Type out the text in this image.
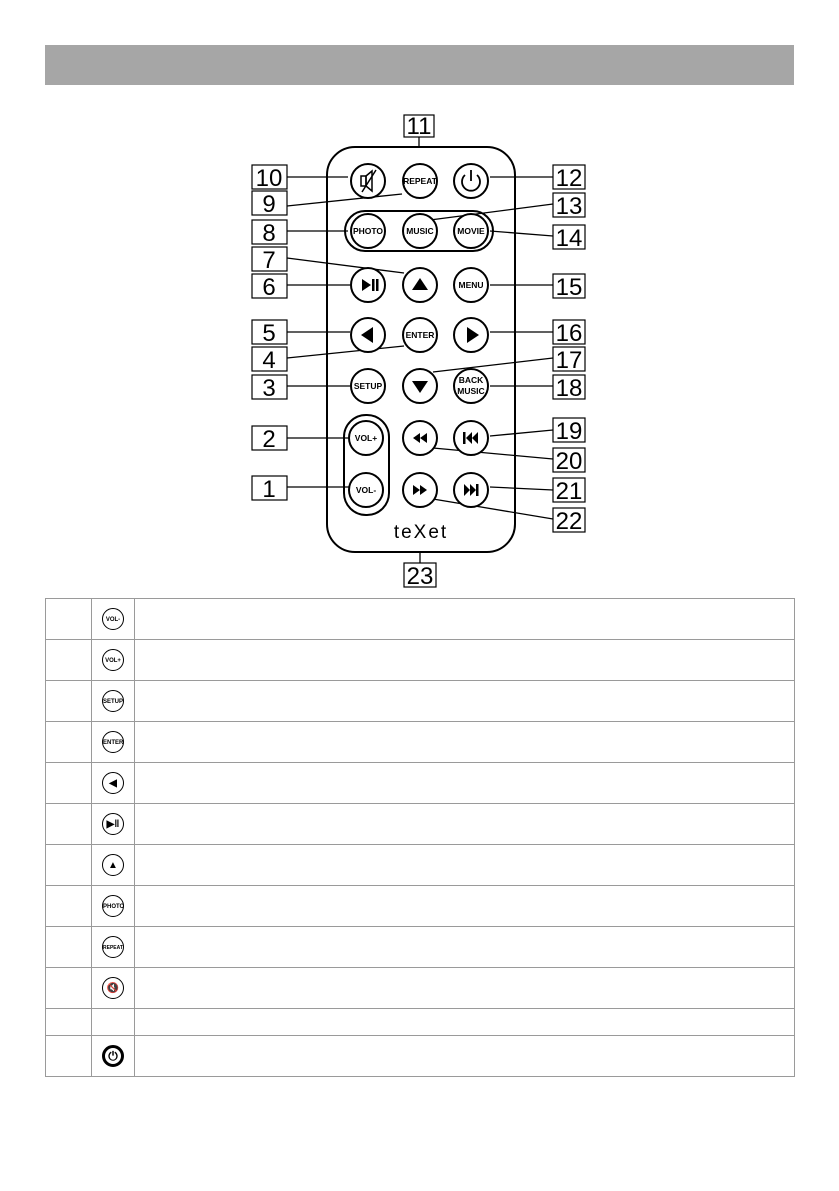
REPEAT
PHOTO	MUSIC	MOVIE
MENU
ENTER
SETUP
BACK
MUSIC
VOL+
VOL-
teXet
11
10
9
8
7
6
5
4
3
2
1
12
13
14
15
16
17
18
19
20
21
22
23
	VOL-	
	VOL+	
	SETUP	
	ENTER	
	◀	
	▶‖	
	▲	
	PHOTO	
	REPEAT	
	🔇	

	⏻	
